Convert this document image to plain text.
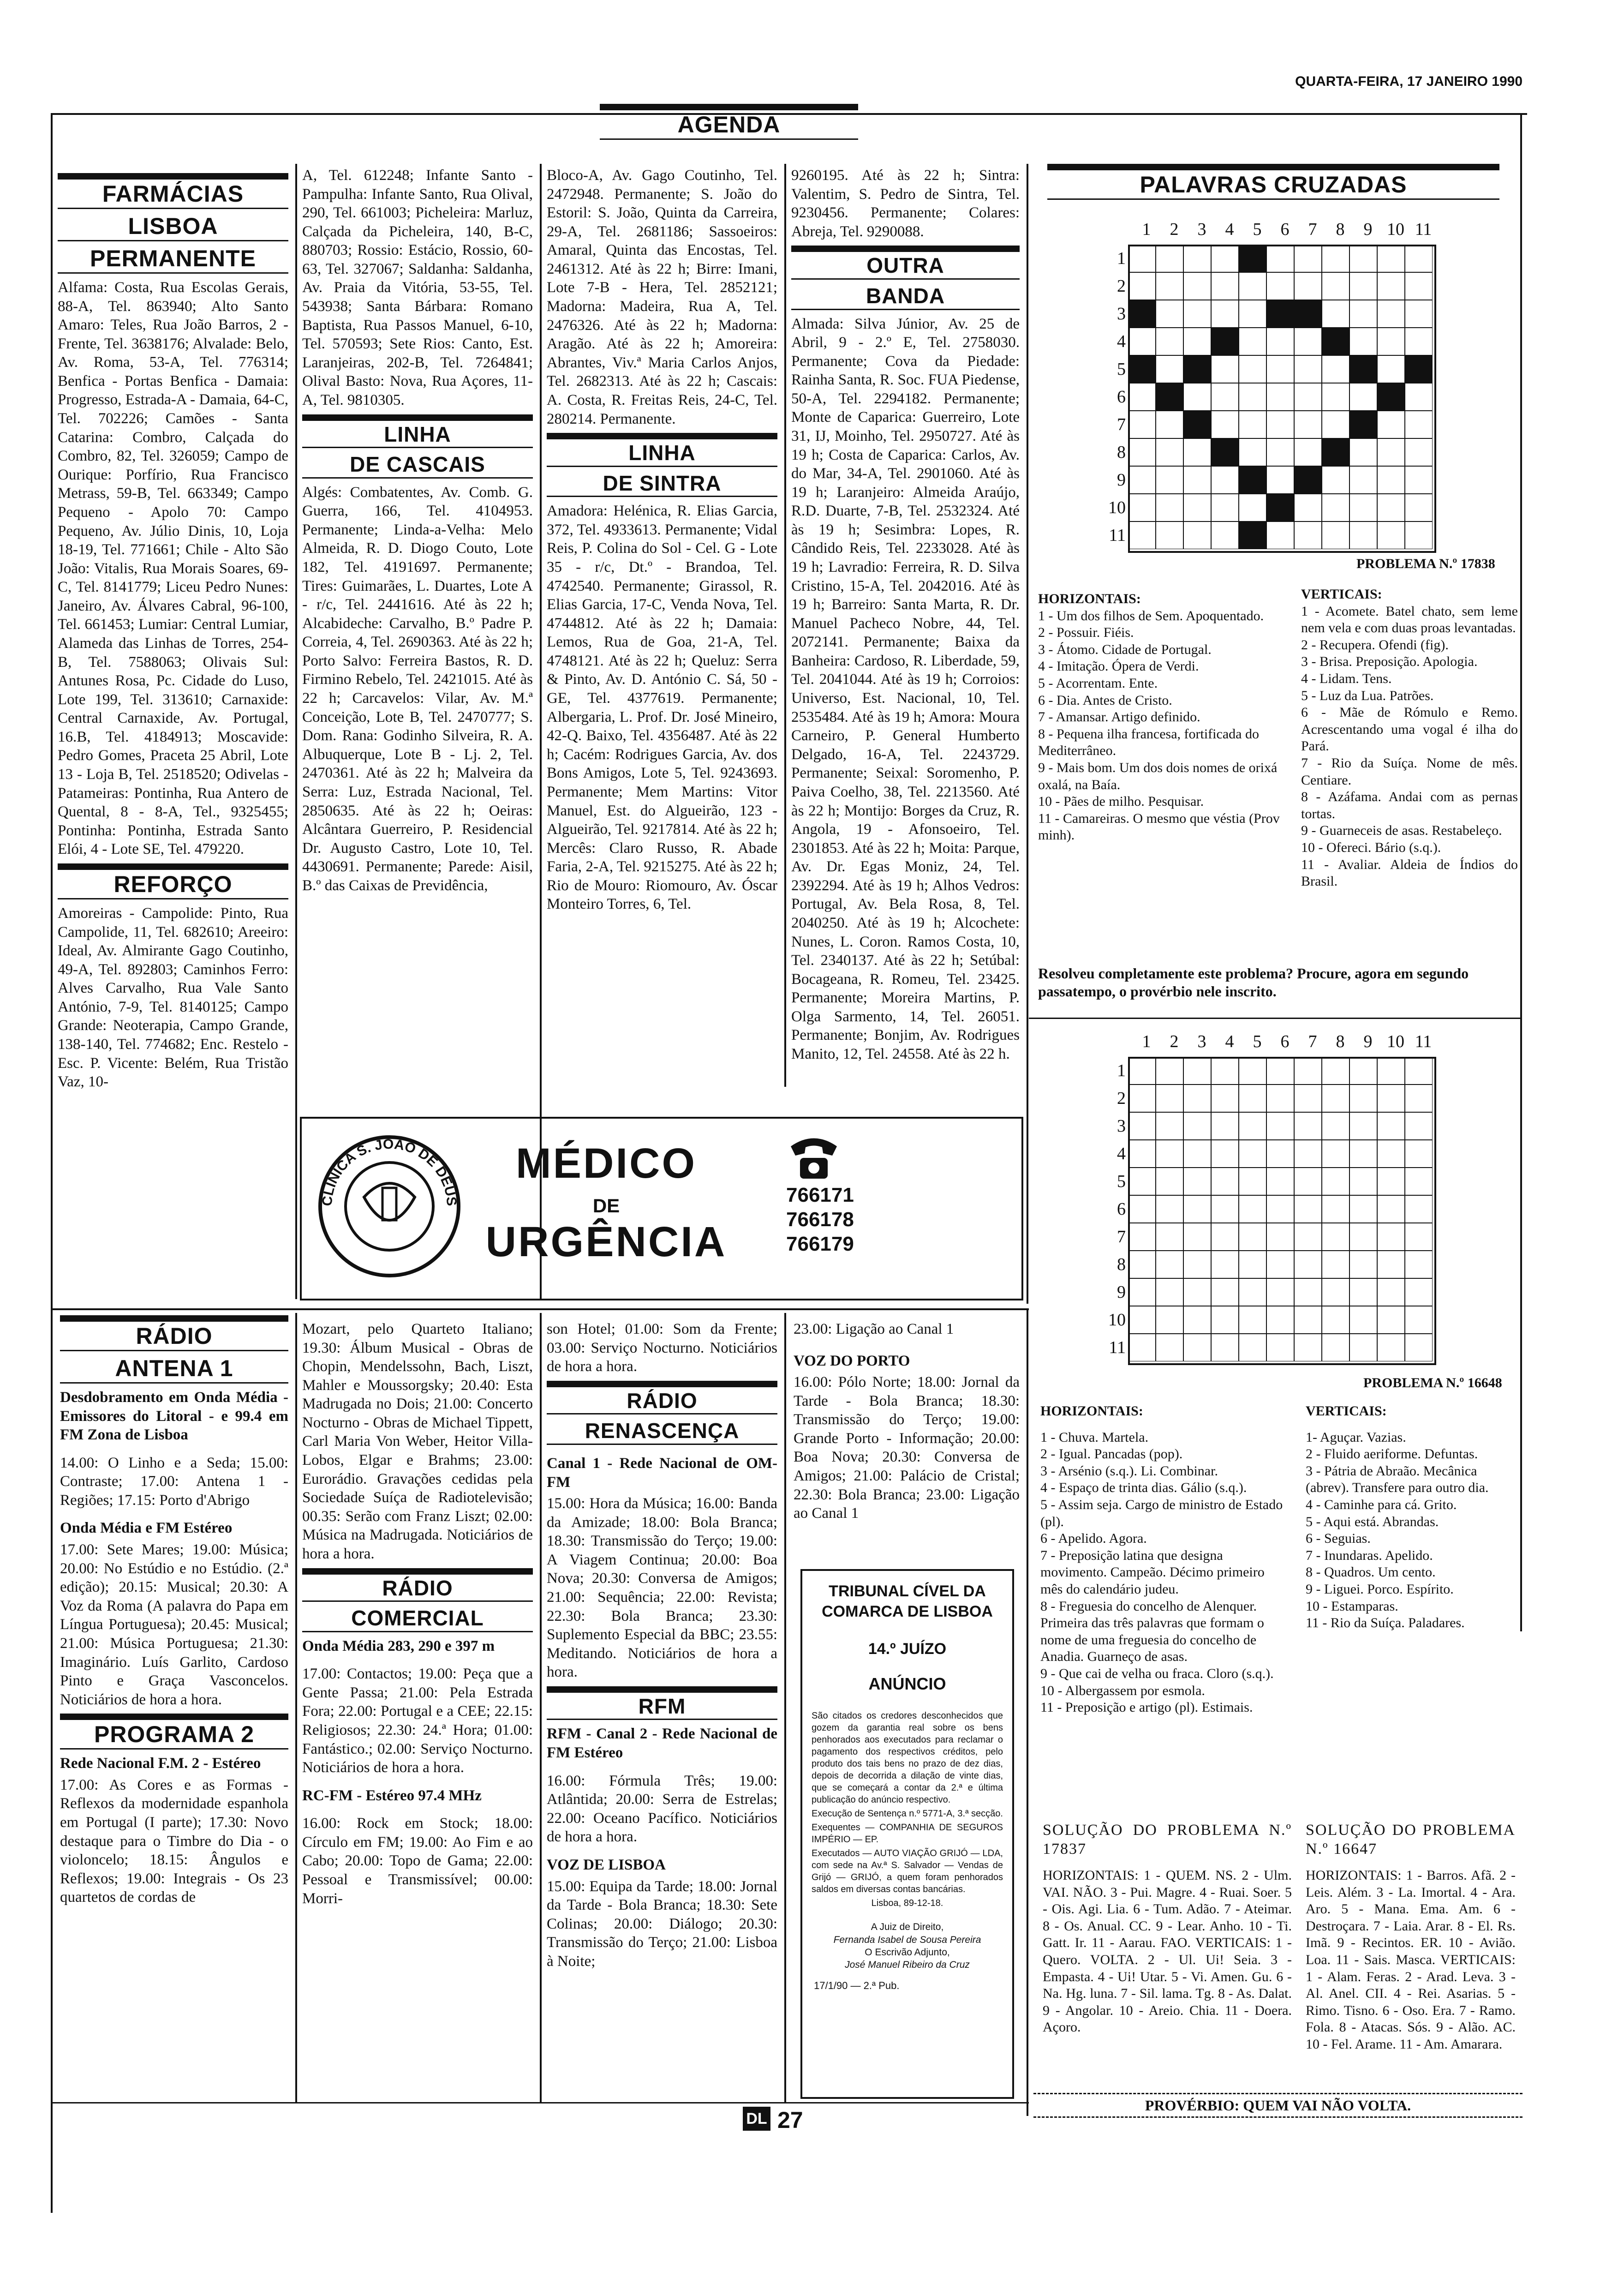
QUARTA-FEIRA, 17 JANEIRO 1990
AGENDA
FARMÁCIAS
LISBOA
PERMANENTE

Alfama: Costa, Rua Escolas Gerais, 88-A, Tel. 863940; Alto Santo Amaro: Teles, Rua João Barros, 2 - Frente, Tel. 3638176; Alvalade: Belo, Av. Roma, 53-A, Tel. 776314; Benfica - Portas Benfica - Damaia: Progresso, Estrada-A - Damaia, 64-C, Tel. 702226; Camões - Santa Catarina: Combro, Calçada do Combro, 82, Tel. 326059; Campo de Ourique: Porfírio, Rua Francisco Metrass, 59-B, Tel. 663349; Campo Pequeno - Apolo 70: Campo Pequeno, Av. Júlio Dinis, 10, Loja 18-19, Tel. 771661; Chile - Alto São João: Vitalis, Rua Morais Soares, 69-C, Tel. 8141779; Liceu Pedro Nunes: Janeiro, Av. Álvares Cabral, 96-100, Tel. 661453; Lumiar: Central Lumiar, Alameda das Linhas de Torres, 254-B, Tel. 7588063; Olivais Sul: Antunes Rosa, Pc. Cidade do Luso, Lote 199, Tel. 313610; Carnaxide: Central Carnaxide, Av. Portugal, 16.B, Tel. 4184913; Moscavide: Pedro Gomes, Praceta 25 Abril, Lote 13 - Loja B, Tel. 2518520; Odivelas - Patameiras: Pontinha, Rua Antero de Quental, 8 - 8-A, Tel., 9325455; Pontinha: Pontinha, Estrada Santo Elói, 4 - Lote SE, Tel. 479220.

REFORÇO

Amoreiras - Campolide: Pinto, Rua Campolide, 11, Tel. 682610; Areeiro: Ideal, Av. Almirante Gago Coutinho, 49-A, Tel. 892803; Caminhos Ferro: Alves Carvalho, Rua Vale Santo António, 7-9, Tel. 8140125; Campo Grande: Neoterapia, Campo Grande, 138-140, Tel. 774682; Enc. Restelo - Esc. P. Vicente: Belém, Rua Tristão Vaz, 10-

A, Tel. 612248; Infante Santo - Pampulha: Infante Santo, Rua Olival, 290, Tel. 661003; Picheleira: Marluz, Calçada da Picheleira, 140, B-C, 880703; Rossio: Estácio, Rossio, 60-63, Tel. 327067; Saldanha: Saldanha, Av. Praia da Vitória, 53-55, Tel. 543938; Santa Bárbara: Romano Baptista, Rua Passos Manuel, 6-10, Tel. 570593; Sete Rios: Canto, Est. Laranjeiras, 202-B, Tel. 7264841; Olival Basto: Nova, Rua Açores, 11-A, Tel. 9810305.

LINHA
DE CASCAIS

Algés: Combatentes, Av. Comb. G. Guerra, 166, Tel. 4104953. Permanente; Linda-a-Velha: Melo Almeida, R. D. Diogo Couto, Lote 182, Tel. 4191697. Permanente; Tires: Guimarães, L. Duartes, Lote A - r/c, Tel. 2441616. Até às 22 h; Alcabideche: Carvalho, B.º Padre P. Correia, 4, Tel. 2690363. Até às 22 h; Porto Salvo: Ferreira Bastos, R. D. Firmino Rebelo, Tel. 2421015. Até às 22 h; Carcavelos: Vilar, Av. M.ª Conceição, Lote B, Tel. 2470777; S. Dom. Rana: Godinho Silveira, R. A. Albuquerque, Lote B - Lj. 2, Tel. 2470361. Até às 22 h; Malveira da Serra: Luz, Estrada Nacional, Tel. 2850635. Até às 22 h; Oeiras: Alcântara Guerreiro, P. Residencial Dr. Augusto Castro, Lote 10, Tel. 4430691. Permanente; Parede: Aisil, B.º das Caixas de Previdência,

Bloco-A, Av. Gago Coutinho, Tel. 2472948. Permanente; S. João do Estoril: S. João, Quinta da Carreira, 29-A, Tel. 2681186; Sassoeiros: Amaral, Quinta das Encostas, Tel. 2461312. Até às 22 h; Birre: Imani, Lote 7-B - Hera, Tel. 2852121; Madorna: Madeira, Rua A, Tel. 2476326. Até às 22 h; Madorna: Aragão. Até às 22 h; Amoreira: Abrantes, Viv.ª Maria Carlos Anjos, Tel. 2682313. Até às 22 h; Cascais: A. Costa, R. Freitas Reis, 24-C, Tel. 280214. Permanente.

LINHA
DE SINTRA

Amadora: Helénica, R. Elias Garcia, 372, Tel. 4933613. Permanente; Vidal Reis, P. Colina do Sol - Cel. G - Lote 35 - r/c, Dt.º - Brandoa, Tel. 4742540. Permanente; Girassol, R. Elias Garcia, 17-C, Venda Nova, Tel. 4744812. Até às 22 h; Damaia: Lemos, Rua de Goa, 21-A, Tel. 4748121. Até às 22 h; Queluz: Serra & Pinto, Av. D. António C. Sá, 50 - GE, Tel. 4377619. Permanente; Albergaria, L. Prof. Dr. José Mineiro, 42-Q. Baixo, Tel. 4356487. Até às 22 h; Cacém: Rodrigues Garcia, Av. dos Bons Amigos, Lote 5, Tel. 9243693. Permanente; Mem Martins: Vitor Manuel, Est. do Algueirão, 123 - Algueirão, Tel. 9217814. Até às 22 h; Mercês: Claro Russo, R. Abade Faria, 2-A, Tel. 9215275. Até às 22 h; Rio de Mouro: Riomouro, Av. Óscar Monteiro Torres, 6, Tel.

9260195. Até às 22 h; Sintra: Valentim, S. Pedro de Sintra, Tel. 9230456. Permanente; Colares: Abreja, Tel. 9290088.

OUTRA
BANDA

Almada: Silva Júnior, Av. 25 de Abril, 9 - 2.º E, Tel. 2758030. Permanente; Cova da Piedade: Rainha Santa, R. Soc. FUA Piedense, 50-A, Tel. 2294182. Permanente; Monte de Caparica: Guerreiro, Lote 31, IJ, Moinho, Tel. 2950727. Até às 19 h; Costa de Caparica: Carlos, Av. do Mar, 34-A, Tel. 2901060. Até às 19 h; Laranjeiro: Almeida Araújo, R.D. Duarte, 7-B, Tel. 2532324. Até às 19 h; Sesimbra: Lopes, R. Cândido Reis, Tel. 2233028. Até às 19 h; Lavradio: Ferreira, R. D. Silva Cristino, 15-A, Tel. 2042016. Até às 19 h; Barreiro: Santa Marta, R. Dr. Manuel Pacheco Nobre, 44, Tel. 2072141. Permanente; Baixa da Banheira: Cardoso, R. Liberdade, 59, Tel. 2041044. Até às 19 h; Corroios: Universo, Est. Nacional, 10, Tel. 2535484. Até às 19 h; Amora: Moura Carneiro, P. General Humberto Delgado, 16-A, Tel. 2243729. Permanente; Seixal: Soromenho, P. Paiva Coelho, 38, Tel. 2213560. Até às 22 h; Montijo: Borges da Cruz, R. Angola, 19 - Afonsoeiro, Tel. 2301853. Até às 22 h; Moita: Parque, Av. Dr. Egas Moniz, 24, Tel. 2392294. Até às 19 h; Alhos Vedros: Portugal, Av. Bela Rosa, 8, Tel. 2040250. Até às 19 h; Alcochete: Nunes, L. Coron. Ramos Costa, 10, Tel. 2340137. Até às 22 h; Setúbal: Bocageana, R. Romeu, Tel. 23425. Permanente; Moreira Martins, P. Olga Sarmento, 14, Tel. 26051. Permanente; Bonjim, Av. Rodrigues Manito, 12, Tel. 24558. Até às 22 h.

CLÍNICA S. JOÃO DE DEUS
MÉDICO
DE
URGÊNCIA
766171
766178
766179
PALAVRAS CRUZADAS
1	2	3	4	5	6	7	8	9 10 11
1
2
3
4
5
6
7
8
9
10
11
PROBLEMA N.º 17838

HORIZONTAIS:

1 - Um dos filhos de Sem. Apoquentado.

2 - Possuir. Fiéis.

3 - Átomo. Cidade de Portugal.

4 - Imitação. Ópera de Verdi.

5 - Acorrentam. Ente.

6 - Dia. Antes de Cristo.

7 - Amansar. Artigo definido.

8 - Pequena ilha francesa, fortificada do Mediterrâneo.

9 - Mais bom. Um dos dois nomes de orixá oxalá, na Baía.

10 - Pães de milho. Pesquisar.

11 - Camareiras. O mesmo que véstia (Prov minh).

VERTICAIS:

1 - Acomete. Batel chato, sem leme nem vela e com duas proas levantadas.

2 - Recupera. Ofendi (fig).

3 - Brisa. Preposição. Apologia.

4 - Lidam. Tens.

5 - Luz da Lua. Patrões.

6 - Mãe de Rómulo e Remo. Acrescentando uma vogal é ilha do Pará.

7 - Rio da Suíça. Nome de mês. Centiare.

8 - Azáfama. Andai com as pernas tortas.

9 - Guarneceis de asas. Restabeleço.

10 - Ofereci. Bário (s.q.).

11 - Avaliar. Aldeia de Índios do Brasil.

Resolveu completamente este problema? Procure, agora em segundo passatempo, o provérbio nele inscrito.
1	2	3	4	5	6	7	8	9 10 11
1
2
3
4
5
6
7
8
9
10
11
PROBLEMA N.º 16648

HORIZONTAIS:

1 - Chuva. Martela.

2 - Igual. Pancadas (pop).

3 - Arsénio (s.q.). Li. Combinar.

4 - Espaço de trinta dias. Gálio (s.q.).

5 - Assim seja. Cargo de ministro de Estado (pl).

6 - Apelido. Agora.

7 - Preposição latina que designa movimento. Campeão. Décimo primeiro mês do calendário judeu.

8 - Freguesia do concelho de Alenquer. Primeira das três palavras que formam o nome de uma freguesia do concelho de Anadia. Guarneço de asas.

9 - Que cai de velha ou fraca. Cloro (s.q.).

10 - Albergassem por esmola.

11 - Preposição e artigo (pl). Estimais.

VERTICAIS:

1- Aguçar. Vazias.

2 - Fluido aeriforme. Defuntas.

3 - Pátria de Abraão. Mecânica (abrev). Transfere para outro dia.

4 - Caminhe para cá. Grito.

5 - Aqui está. Abrandas.

6 - Seguias.

7 - Inundaras. Apelido.

8 - Quadros. Um cento.

9 - Liguei. Porco. Espírito.

10 - Estamparas.

11 - Rio da Suíça. Paladares.

SOLUÇÃO DO PROBLEMA N.º 17837

HORIZONTAIS: 1 - QUEM. NS. 2 - Ulm. VAI. NÃO. 3 - Pui. Magre. 4 - Ruai. Soer. 5 - Ois. Agi. Lia. 6 - Tum. Adão. 7 - Ateimar. 8 - Os. Anual. CC. 9 - Lear. Anho. 10 - Ti. Gatt. Ir. 11 - Aarau. FAO. VERTICAIS: 1 - Quero. VOLTA. 2 - Ul. Ui! Seia. 3 - Empasta. 4 - Ui! Utar. 5 - Vi. Amen. Gu. 6 - Na. Hg. luna. 7 - Sil. lama. Tg. 8 - As. Dalat. 9 - Angolar. 10 - Areio. Chia. 11 - Doera. Açoro.

SOLUÇÃO DO PROBLEMA N.º 16647

HORIZONTAIS: 1 - Barros. Afã. 2 - Leis. Além. 3 - La. Imortal. 4 - Ara. Aro. 5 - Mana. Ema. Am. 6 - Destroçara. 7 - Laia. Arar. 8 - El. Rs. Imã. 9 - Recintos. ER. 10 - Avião. Loa. 11 - Sais. Masca. VERTICAIS: 1 - Alam. Feras. 2 - Arad. Leva. 3 - Al. Anel. CII. 4 - Rei. Asarias. 5 - Rimo. Tisno. 6 - Oso. Era. 7 - Ramo. Fola. 8 - Atacas. Sós. 9 - Alão. AC. 10 - Fel. Arame. 11 - Am. Amarara.

PROVÉRBIO: QUEM VAI NÃO VOLTA.
RÁDIO
ANTENA 1

Desdobramento em Onda Média - Emissores do Litoral - e 99.4 em FM Zona de Lisboa

14.00: O Linho e a Seda; 15.00: Contraste; 17.00: Antena 1 - Regiões; 17.15: Porto d'Abrigo

Onda Média e FM Estéreo

17.00: Sete Mares; 19.00: Música; 20.00: No Estúdio e no Estúdio. (2.ª edição); 20.15: Musical; 20.30: A Voz da Roma (A palavra do Papa em Língua Portuguesa); 20.45: Musical; 21.00: Música Portuguesa; 21.30: Imaginário. Luís Garlito, Cardoso Pinto e Graça Vasconcelos. Noticiários de hora a hora.

PROGRAMA 2

Rede Nacional F.M. 2 - Estéreo

17.00: As Cores e as Formas - Reflexos da modernidade espanhola em Portugal (I parte); 17.30: Novo destaque para o Timbre do Dia - o violoncelo; 18.15: Ângulos e Reflexos; 19.00: Integrais - Os 23 quartetos de cordas de

Mozart, pelo Quarteto Italiano; 19.30: Álbum Musical - Obras de Chopin, Mendelssohn, Bach, Liszt, Mahler e Moussorgsky; 20.40: Esta Madrugada no Dois; 21.00: Concerto Nocturno - Obras de Michael Tippett, Carl Maria Von Weber, Heitor Villa-Lobos, Elgar e Brahms; 23.00: Eurorádio. Gravações cedidas pela Sociedade Suíça de Radiotelevisão; 00.35: Serão com Franz Liszt; 02.00: Música na Madrugada. Noticiários de hora a hora.

RÁDIO
COMERCIAL

Onda Média 283, 290 e 397 m

17.00: Contactos; 19.00: Peça que a Gente Passa; 21.00: Pela Estrada Fora; 22.00: Portugal e a CEE; 22.15: Religiosos; 22.30: 24.ª Hora; 01.00: Fantástico.; 02.00: Serviço Nocturno. Noticiários de hora a hora.

RC-FM - Estéreo 97.4 MHz

16.00: Rock em Stock; 18.00: Círculo em FM; 19.00: Ao Fim e ao Cabo; 20.00: Topo de Gama; 22.00: Pessoal e Transmissível; 00.00: Morri-

son Hotel; 01.00: Som da Frente; 03.00: Serviço Nocturno. Noticiários de hora a hora.

RÁDIO
RENASCENÇA

Canal 1 - Rede Nacional de OM-FM

15.00: Hora da Música; 16.00: Banda da Amizade; 18.00: Bola Branca; 18.30: Transmissão do Terço; 19.00: A Viagem Continua; 20.00: Boa Nova; 20.30: Conversa de Amigos; 21.00: Sequência; 22.00: Revista; 22.30: Bola Branca; 23.30: Suplemento Especial da BBC; 23.55: Meditando. Noticiários de hora a hora.

RFM

RFM - Canal 2 - Rede Nacional de FM Estéreo

16.00: Fórmula Três; 19.00: Atlântida; 20.00: Serra de Estrelas; 22.00: Oceano Pacífico. Noticiários de hora a hora.

VOZ DE LISBOA

15.00: Equipa da Tarde; 18.00: Jornal da Tarde - Bola Branca; 18.30: Sete Colinas; 20.00: Diálogo; 20.30: Transmissão do Terço; 21.00: Lisboa à Noite;

23.00: Ligação ao Canal 1

VOZ DO PORTO

16.00: Pólo Norte; 18.00: Jornal da Tarde - Bola Branca; 18.30: Transmissão do Terço; 19.00: Grande Porto - Informação; 20.00: Boa Nova; 20.30: Conversa de Amigos; 21.00: Palácio de Cristal; 22.30: Bola Branca; 23.00: Ligação ao Canal 1

TRIBUNAL CÍVEL DA COMARCA DE LISBOA
14.º JUÍZO
ANÚNCIO

São citados os credores desconhecidos que gozem da garantia real sobre os bens penhorados aos executados para reclamar o pagamento dos respectivos créditos, pelo produto dos tais bens no prazo de dez dias, depois de decorrida a dilação de vinte dias, que se começará a contar da 2.ª e última publicação do anúncio respectivo.

Execução de Sentença n.º 5771-A, 3.ª secção.

Exequentes — COMPANHIA DE SEGUROS IMPÉRIO — EP.

Executados — AUTO VIAÇÃO GRIJÓ — LDA, com sede na Av.ª S. Salvador — Vendas de Grijó — GRIJÓ, a quem foram penhorados saldos em diversas contas bancárias.

Lisboa, 89-12-18.

A Juiz de Direito,
Fernanda Isabel de Sousa Pereira
O Escrivão Adjunto,
José Manuel Ribeiro da Cruz
17/1/90 — 2.ª Pub.
DL 27
